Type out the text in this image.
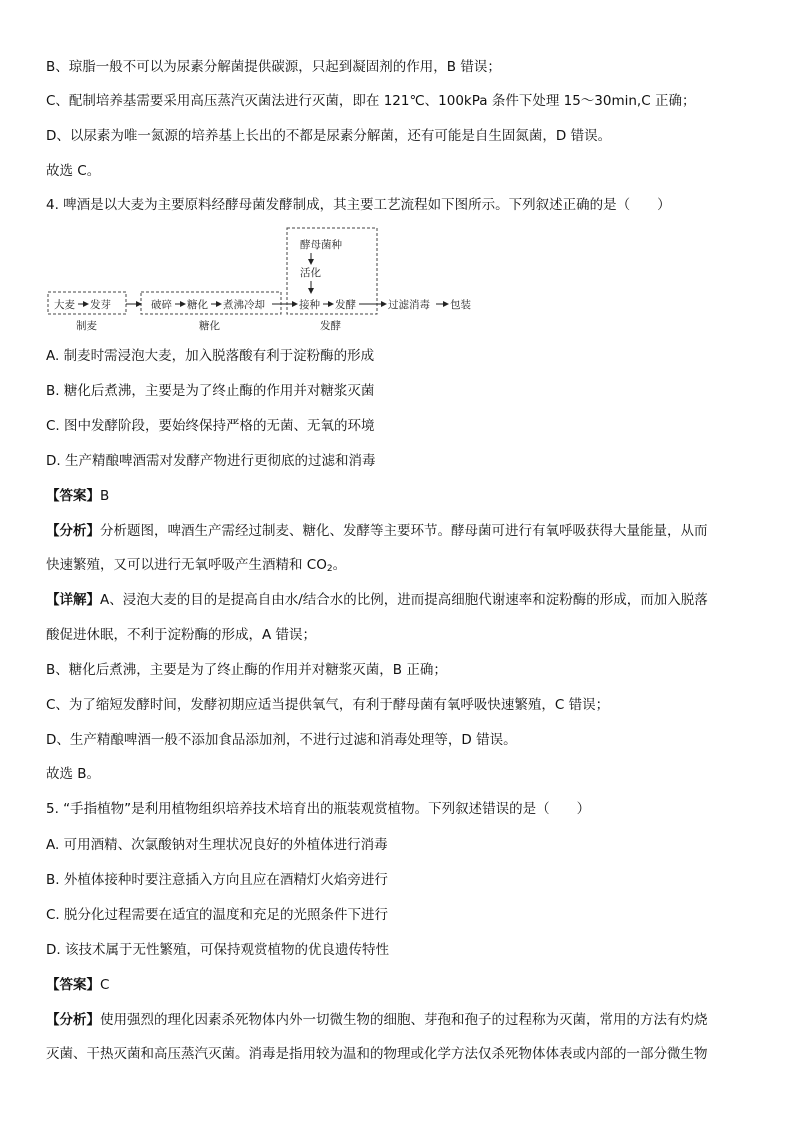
B、琼脂一般不可以为尿素分解菌提供碳源，只起到凝固剂的作用，B 错误；
C、配制培养基需要采用高压蒸汽灭菌法进行灭菌，即在 121℃、100kPa 条件下处理 15～30min,C 正确；
D、以尿素为唯一氮源的培养基上长出的不都是尿素分解菌，还有可能是自生固氮菌，D 错误。
故选 C。
4. 啤酒是以大麦为主要原料经酵母菌发酵制成，其主要工艺流程如下图所示。下列叙述正确的是（　　）
酵母菌种
活化
大麦 发芽	破碎 糖化 煮沸冷却	接种 发酵	过滤消毒 包装
制麦	糖化	发酵
A. 制麦时需浸泡大麦，加入脱落酸有利于淀粉酶的形成
B. 糖化后煮沸，主要是为了终止酶的作用并对糖浆灭菌
C. 图中发酵阶段，要始终保持严格的无菌、无氧的环境
D. 生产精酿啤酒需对发酵产物进行更彻底的过滤和消毒
【答案】B
【分析】分析题图，啤酒生产需经过制麦、糖化、发酵等主要环节。酵母菌可进行有氧呼吸获得大量能量，从而
快速繁殖，又可以进行无氧呼吸产生酒精和 $CO_2$。
【详解】A、浸泡大麦的目的是提高自由水/结合水的比例，进而提高细胞代谢速率和淀粉酶的形成，而加入脱落
酸促进休眠，不利于淀粉酶的形成，A 错误；
B、糖化后煮沸，主要是为了终止酶的作用并对糖浆灭菌，B 正确；
C、为了缩短发酵时间，发酵初期应适当提供氧气，有利于酵母菌有氧呼吸快速繁殖，C 错误；
D、生产精酿啤酒一般不添加食品添加剂，不进行过滤和消毒处理等，D 错误。
故选 B。
5. “手指植物”是利用植物组织培养技术培育出的瓶装观赏植物。下列叙述错误的是（　　）
A. 可用酒精、次氯酸钠对生理状况良好的外植体进行消毒
B. 外植体接种时要注意插入方向且应在酒精灯火焰旁进行
C. 脱分化过程需要在适宜的温度和充足的光照条件下进行
D. 该技术属于无性繁殖，可保持观赏植物的优良遗传特性
【答案】C
【分析】使用强烈的理化因素杀死物体内外一切微生物的细胞、芽孢和孢子的过程称为灭菌，常用的方法有灼烧
灭菌、干热灭菌和高压蒸汽灭菌。消毒是指用较为温和的物理或化学方法仅杀死物体体表或内部的一部分微生物
